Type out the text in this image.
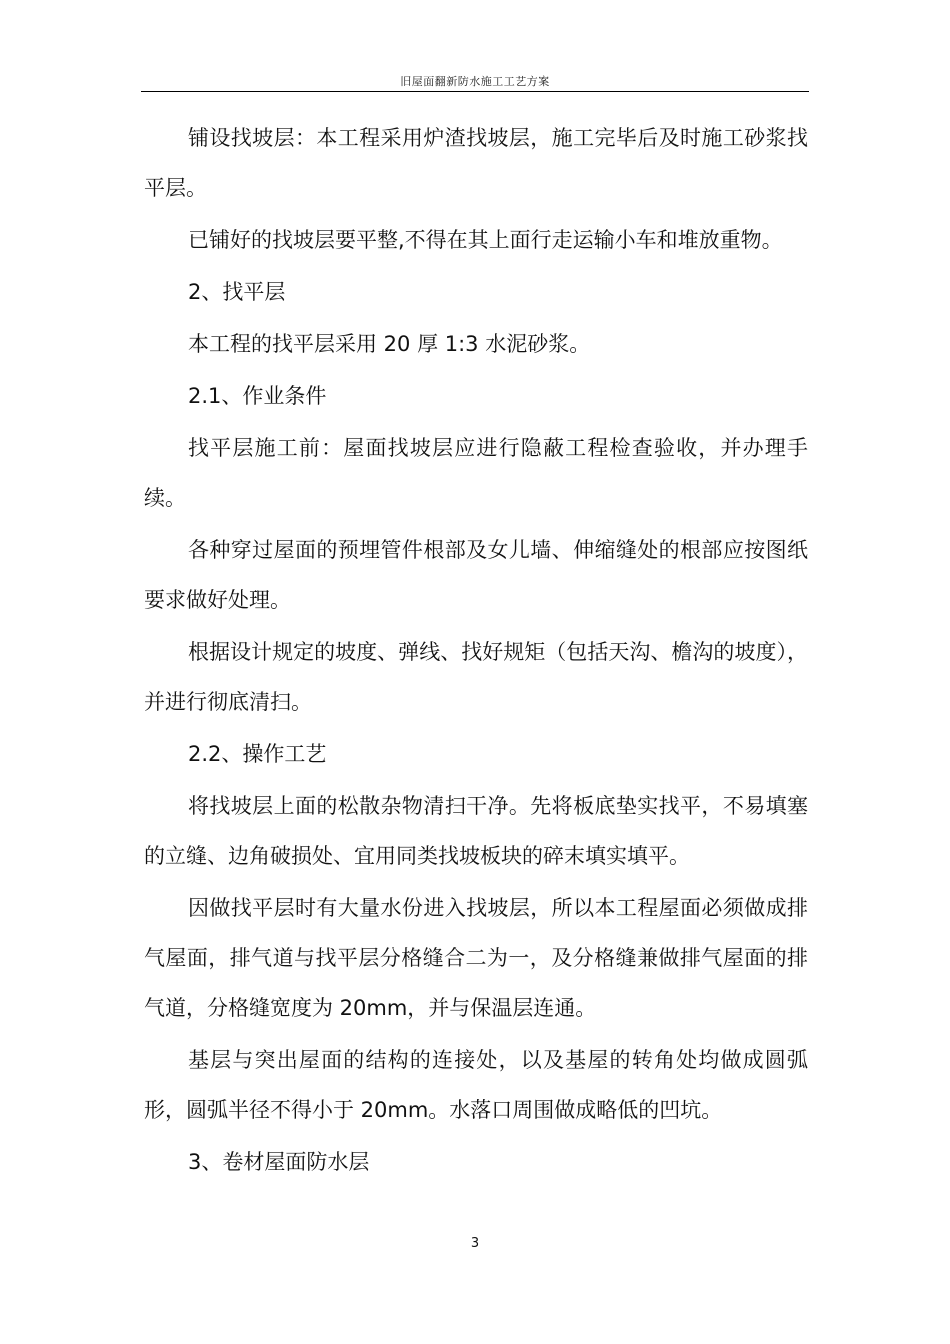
旧屋面翻新防水施工工艺方案

铺设找坡层：本工程采用炉渣找坡层，施工完毕后及时施工砂浆找平层。

已铺好的找坡层要平整,不得在其上面行走运输小车和堆放重物。

2、找平层

本工程的找平层采用 20 厚 1:3 水泥砂浆。

2.1、作业条件

找平层施工前：屋面找坡层应进行隐蔽工程检查验收，并办理手续。

各种穿过屋面的预埋管件根部及女儿墙、伸缩缝处的根部应按图纸要求做好处理。

根据设计规定的坡度、弹线、找好规矩（包括天沟、檐沟的坡度），并进行彻底清扫。

2.2、操作工艺

将找坡层上面的松散杂物清扫干净。先将板底垫实找平，不易填塞的立缝、边角破损处、宜用同类找坡板块的碎末填实填平。

因做找平层时有大量水份进入找坡层，所以本工程屋面必须做成排气屋面，排气道与找平层分格缝合二为一，及分格缝兼做排气屋面的排气道，分格缝宽度为 20mm，并与保温层连通。

基层与突出屋面的结构的连接处，以及基屋的转角处均做成圆弧形，圆弧半径不得小于 20mm。水落口周围做成略低的凹坑。

3、卷材屋面防水层

3
